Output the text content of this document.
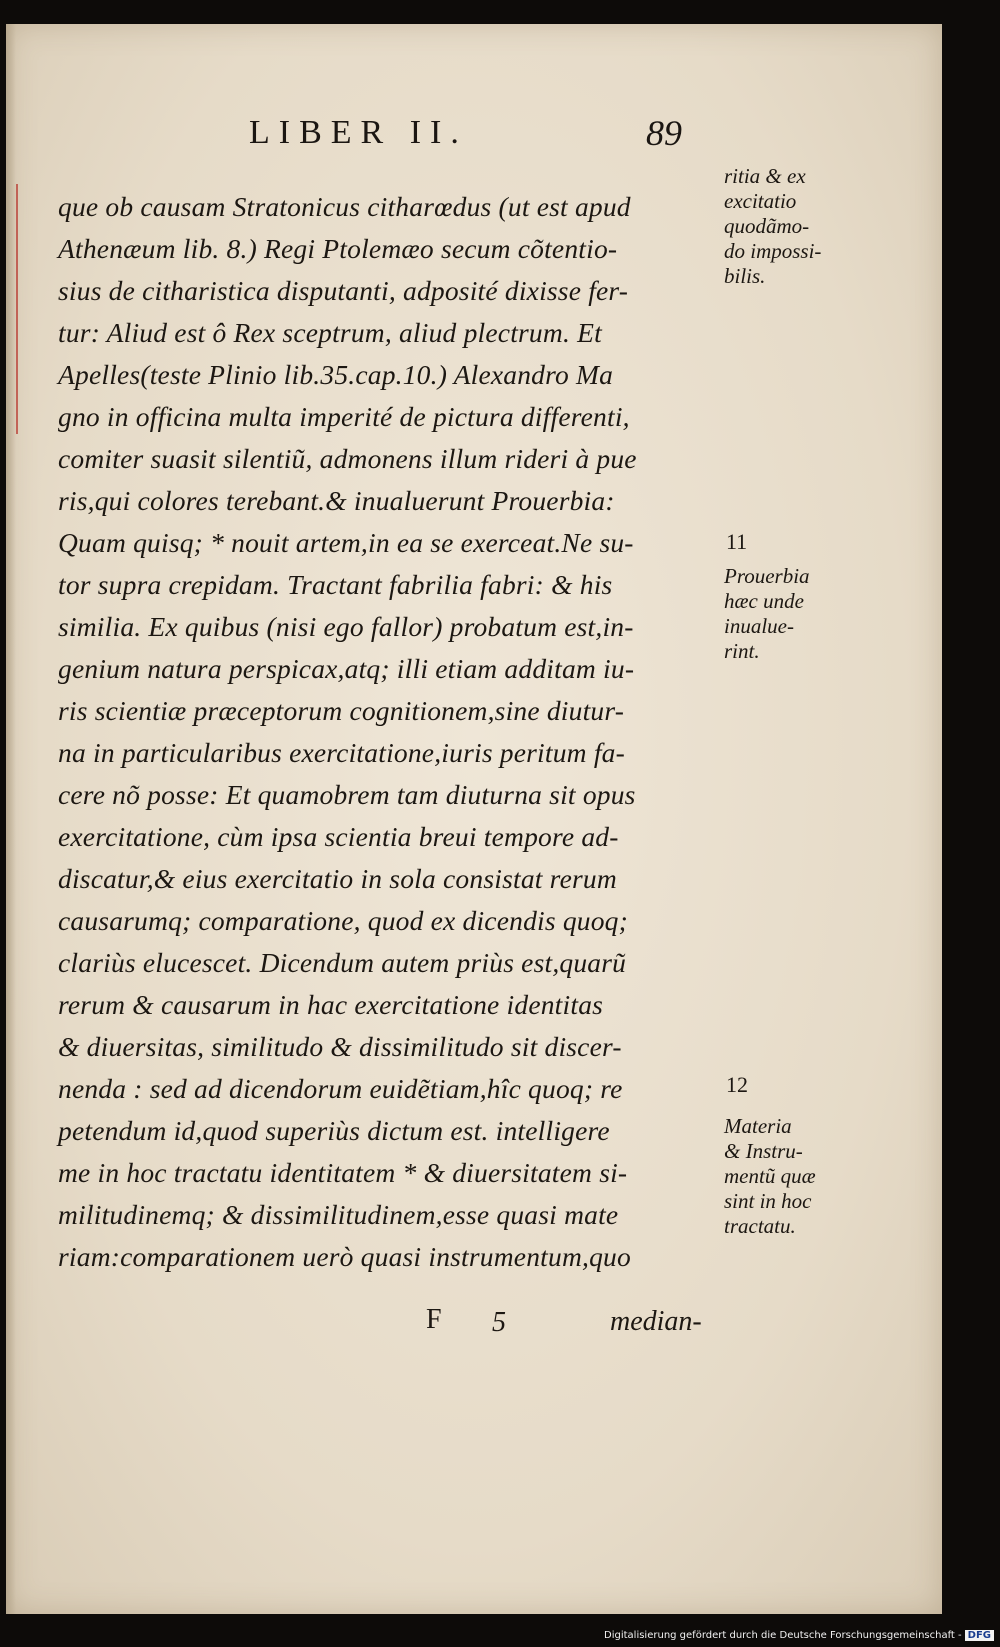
LIBER II.	89
que ob causam Stratonicus citharœdus (ut est apud
Athenæum lib. 8.) Regi Ptolemæo secum cõtentio-
sius de citharistica disputanti, adposité dixisse fer-
tur: Aliud est ô Rex sceptrum, aliud plectrum. Et
Apelles(teste Plinio lib.35.cap.10.) Alexandro Ma
gno in officina multa imperité de pictura differenti,
comiter suasit silentiũ, admonens illum rideri à pue
ris,qui colores terebant.& inualuerunt Prouerbia:
Quam quisq; * nouit artem,in ea se exerceat.Ne su-
tor supra crepidam. Tractant fabrilia fabri: & his
similia. Ex quibus (nisi ego fallor) probatum est,in-
genium natura perspicax,atq; illi etiam additam iu-
ris scientiæ præceptorum cognitionem,sine diutur-
na in particularibus exercitatione,iuris peritum fa-
cere nõ posse: Et quamobrem tam diuturna sit opus
exercitatione, cùm ipsa scientia breui tempore ad-
discatur,& eius exercitatio in sola consistat rerum
causarumq; comparatione, quod ex dicendis quoq;
clariùs elucescet. Dicendum autem priùs est,quarũ
rerum & causarum in hac exercitatione identitas
& diuersitas, similitudo & dissimilitudo sit discer-
nenda : sed ad dicendorum euidẽtiam,hîc quoq; re
petendum id,quod superiùs dictum est. intelligere
me in hoc tractatu identitatem * & diuersitatem si-
militudinemq; & dissimilitudinem,esse quasi mate
riam:comparationem uerò quasi instrumentum,quo
ritia & ex
excitatio
quodãmo-
do impossi-
bilis.
11
Prouerbia
hæc unde
inualue-
rint.
12
Materia
& Instru-
mentũ quæ
sint in hoc
tractatu.
F 5	median-
Digitalisierung gefördert durch die Deutsche Forschungsgemeinschaft - DFG
